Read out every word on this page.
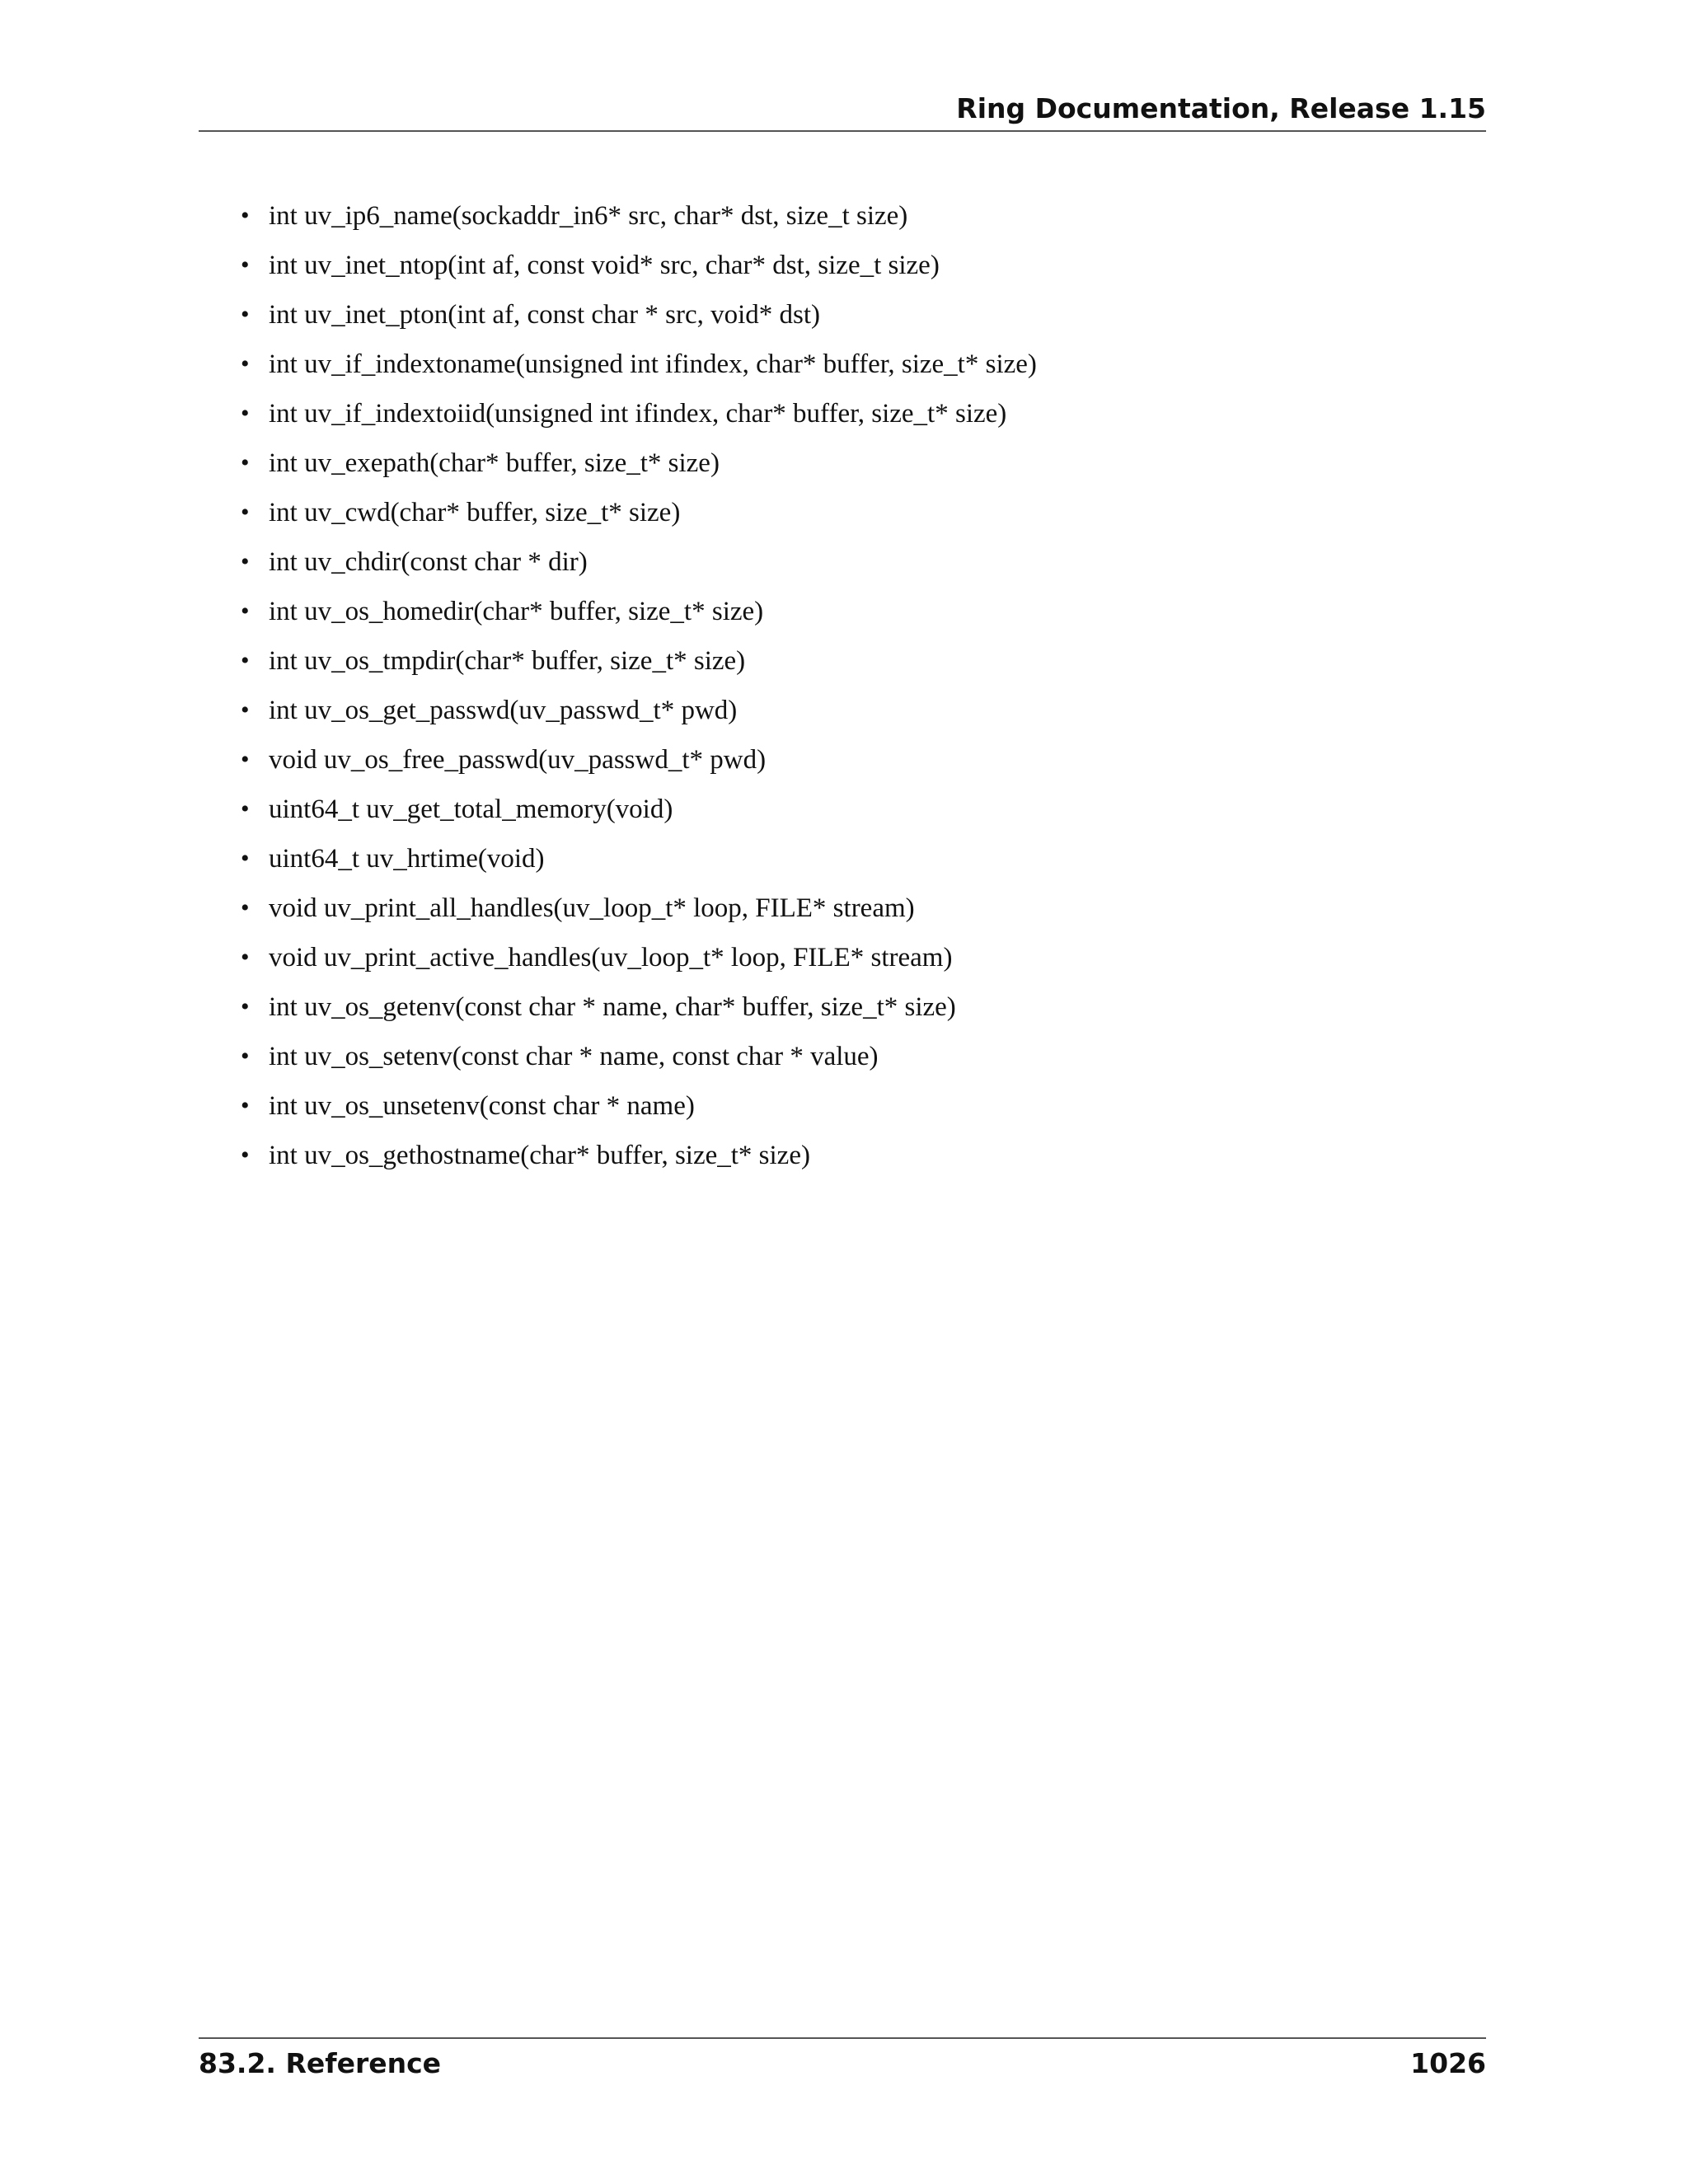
Ring Documentation, Release 1.15
• int uv_ip6_name(sockaddr_in6* src, char* dst, size_t size)
• int uv_inet_ntop(int af, const void* src, char* dst, size_t size)
• int uv_inet_pton(int af, const char * src, void* dst)
• int uv_if_indextoname(unsigned int ifindex, char* buffer, size_t* size)
• int uv_if_indextoiid(unsigned int ifindex, char* buffer, size_t* size)
• int uv_exepath(char* buffer, size_t* size)
• int uv_cwd(char* buffer, size_t* size)
• int uv_chdir(const char * dir)
• int uv_os_homedir(char* buffer, size_t* size)
• int uv_os_tmpdir(char* buffer, size_t* size)
• int uv_os_get_passwd(uv_passwd_t* pwd)
• void uv_os_free_passwd(uv_passwd_t* pwd)
• uint64_t uv_get_total_memory(void)
• uint64_t uv_hrtime(void)
• void uv_print_all_handles(uv_loop_t* loop, FILE* stream)
• void uv_print_active_handles(uv_loop_t* loop, FILE* stream)
• int uv_os_getenv(const char * name, char* buffer, size_t* size)
• int uv_os_setenv(const char * name, const char * value)
• int uv_os_unsetenv(const char * name)
• int uv_os_gethostname(char* buffer, size_t* size)
83.2. Reference	1026
